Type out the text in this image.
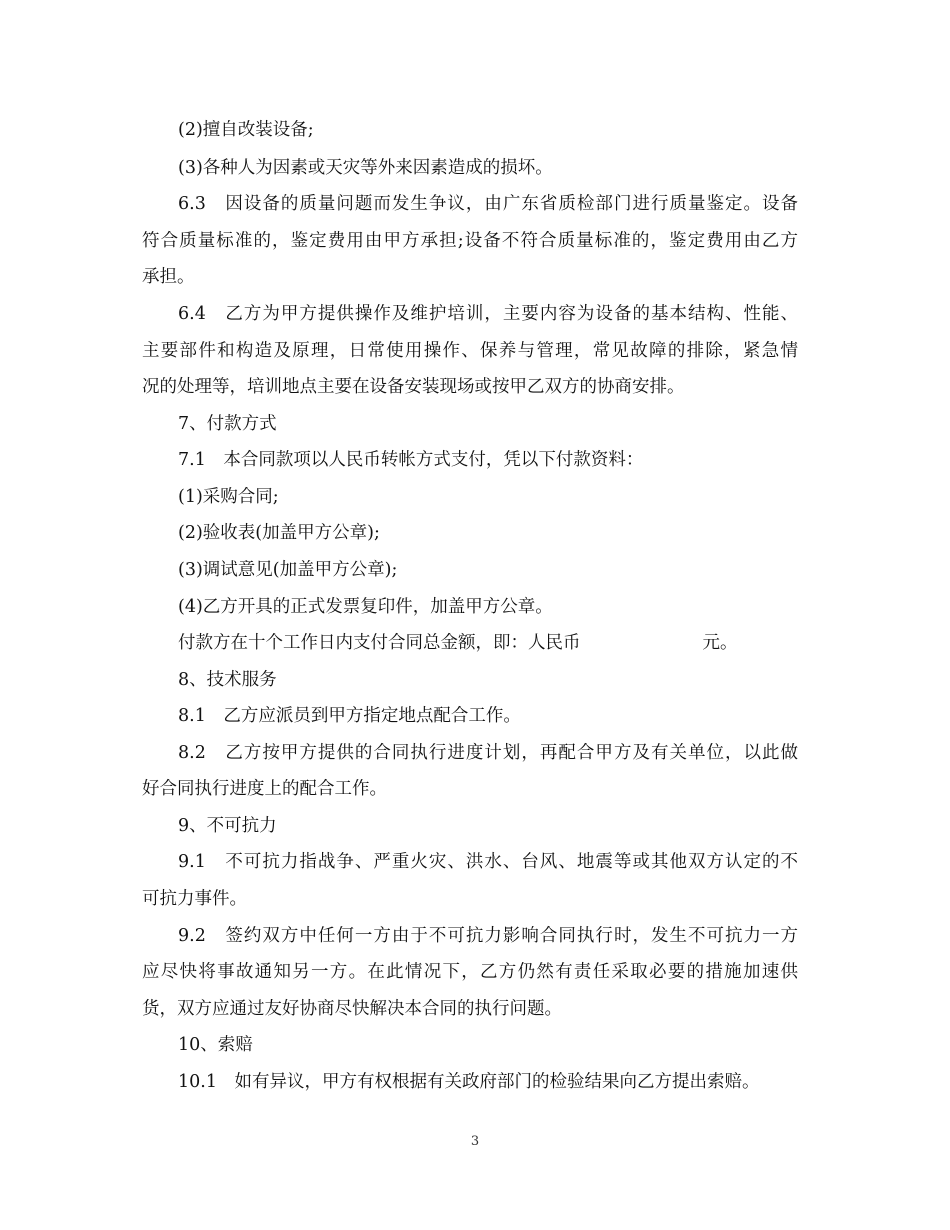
(2)擅自改装设备;
(3)各种人为因素或天灾等外来因素造成的损坏。
6.3　因设备的质量问题而发生争议，由广东省质检部门进行质量鉴定。设备
符合质量标准的，鉴定费用由甲方承担;设备不符合质量标准的，鉴定费用由乙方
承担。
6.4　乙方为甲方提供操作及维护培训，主要内容为设备的基本结构、性能、
主要部件和构造及原理，日常使用操作、保养与管理，常见故障的排除，紧急情
况的处理等，培训地点主要在设备安装现场或按甲乙双方的协商安排。
7、付款方式
7.1　本合同款项以人民币转帐方式支付，凭以下付款资料：
(1)采购合同;
(2)验收表(加盖甲方公章);
(3)调试意见(加盖甲方公章);
(4)乙方开具的正式发票复印件，加盖甲方公章。
付款方在十个工作日内支付合同总金额，即：人民币	元。
8、技术服务
8.1　乙方应派员到甲方指定地点配合工作。
8.2　乙方按甲方提供的合同执行进度计划，再配合甲方及有关单位，以此做
好合同执行进度上的配合工作。
9、不可抗力
9.1　不可抗力指战争、严重火灾、洪水、台风、地震等或其他双方认定的不
可抗力事件。
9.2　签约双方中任何一方由于不可抗力影响合同执行时，发生不可抗力一方
应尽快将事故通知另一方。在此情况下，乙方仍然有责任采取必要的措施加速供
货，双方应通过友好协商尽快解决本合同的执行问题。
10、索赔
10.1　如有异议，甲方有权根据有关政府部门的检验结果向乙方提出索赔。
3
